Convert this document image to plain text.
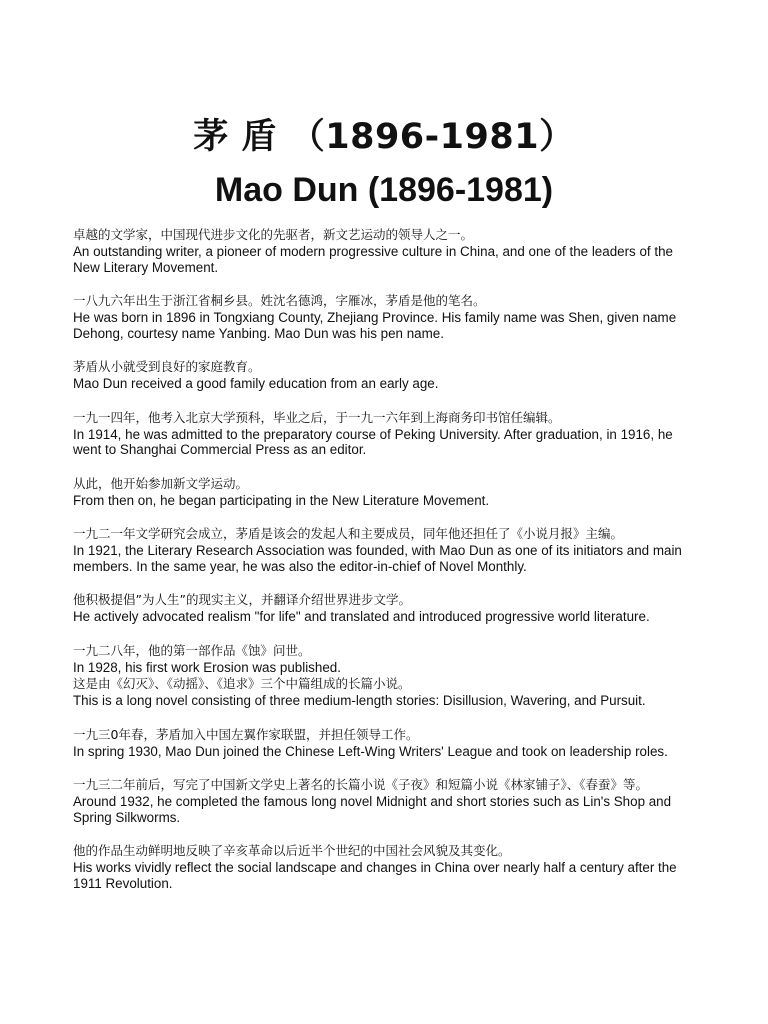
茅 盾 （1896-1981）
Mao Dun (1896-1981)

卓越的文学家，中国现代进步文化的先驱者，新文艺运动的领导人之一。

An outstanding writer, a pioneer of modern progressive culture in China, and one of the leaders of the New Literary Movement.

一八九六年出生于浙江省桐乡县。姓沈名德鸿，字雁冰，茅盾是他的笔名。

He was born in 1896 in Tongxiang County, Zhejiang Province. His family name was Shen, given name Dehong, courtesy name Yanbing. Mao Dun was his pen name.

茅盾从小就受到良好的家庭教育。

Mao Dun received a good family education from an early age.

一九一四年，他考入北京大学预科，毕业之后，于一九一六年到上海商务印书馆任编辑。

In 1914, he was admitted to the preparatory course of Peking University. After graduation, in 1916, he went to Shanghai Commercial Press as an editor.

从此，他开始参加新文学运动。

From then on, he began participating in the New Literature Movement.

一九二一年文学研究会成立，茅盾是该会的发起人和主要成员，同年他还担任了《小说月报》主编。

In 1921, the Literary Research Association was founded, with Mao Dun as one of its initiators and main members. In the same year, he was also the editor-in-chief of Novel Monthly.

他积极提倡”为人生”的现实主义，并翻译介绍世界进步文学。

He actively advocated realism "for life" and translated and introduced progressive world literature.

一九二八年，他的第一部作品《蚀》问世。

In 1928, his first work Erosion was published.

这是由《幻灭》、《动摇》、《追求》三个中篇组成的长篇小说。

This is a long novel consisting of three medium-length stories: Disillusion, Wavering, and Pursuit.

一九三0年春，茅盾加入中国左翼作家联盟，并担任领导工作。

In spring 1930, Mao Dun joined the Chinese Left-Wing Writers' League and took on leadership roles.

一九三二年前后，写完了中国新文学史上著名的长篇小说《子夜》和短篇小说《林家铺子》、《春蚕》等。

Around 1932, he completed the famous long novel Midnight and short stories such as Lin's Shop and Spring Silkworms.

他的作品生动鲜明地反映了辛亥革命以后近半个世纪的中国社会风貌及其变化。

His works vividly reflect the social landscape and changes in China over nearly half a century after the 1911 Revolution.
